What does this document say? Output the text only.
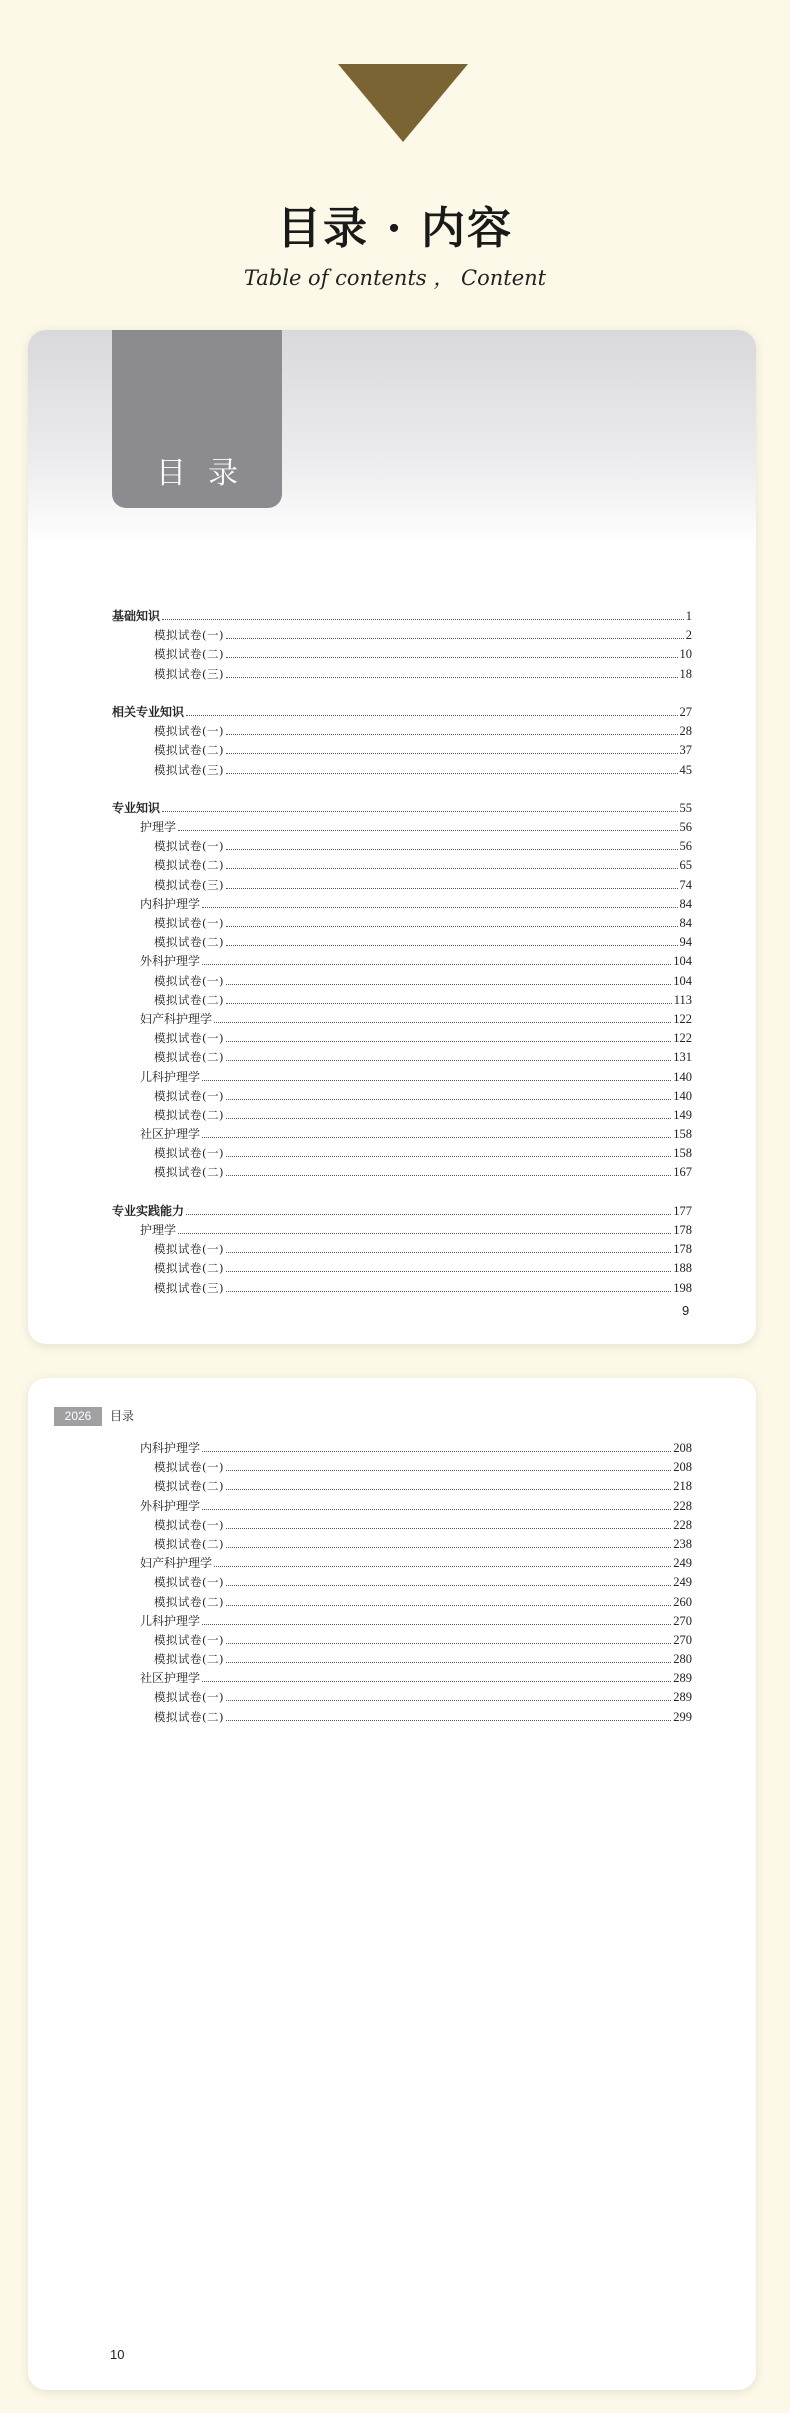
目录 · 内容
Table of contents ， Content
目录
基础知识	1
模拟试卷(一)	2
模拟试卷(二)	10
模拟试卷(三)	18
相关专业知识	27
模拟试卷(一)	28
模拟试卷(二)	37
模拟试卷(三)	45
专业知识	55
护理学	56
模拟试卷(一)	56
模拟试卷(二)	65
模拟试卷(三)	74
内科护理学	84
模拟试卷(一)	84
模拟试卷(二)	94
外科护理学	104
模拟试卷(一)	104
模拟试卷(二)	113
妇产科护理学	122
模拟试卷(一)	122
模拟试卷(二)	131
儿科护理学	140
模拟试卷(一)	140
模拟试卷(二)	149
社区护理学	158
模拟试卷(一)	158
模拟试卷(二)	167
专业实践能力	177
护理学	178
模拟试卷(一)	178
模拟试卷(二)	188
模拟试卷(三)	198
9
2026	目录
内科护理学	208
模拟试卷(一)	208
模拟试卷(二)	218
外科护理学	228
模拟试卷(一)	228
模拟试卷(二)	238
妇产科护理学	249
模拟试卷(一)	249
模拟试卷(二)	260
儿科护理学	270
模拟试卷(一)	270
模拟试卷(二)	280
社区护理学	289
模拟试卷(一)	289
模拟试卷(二)	299
10
